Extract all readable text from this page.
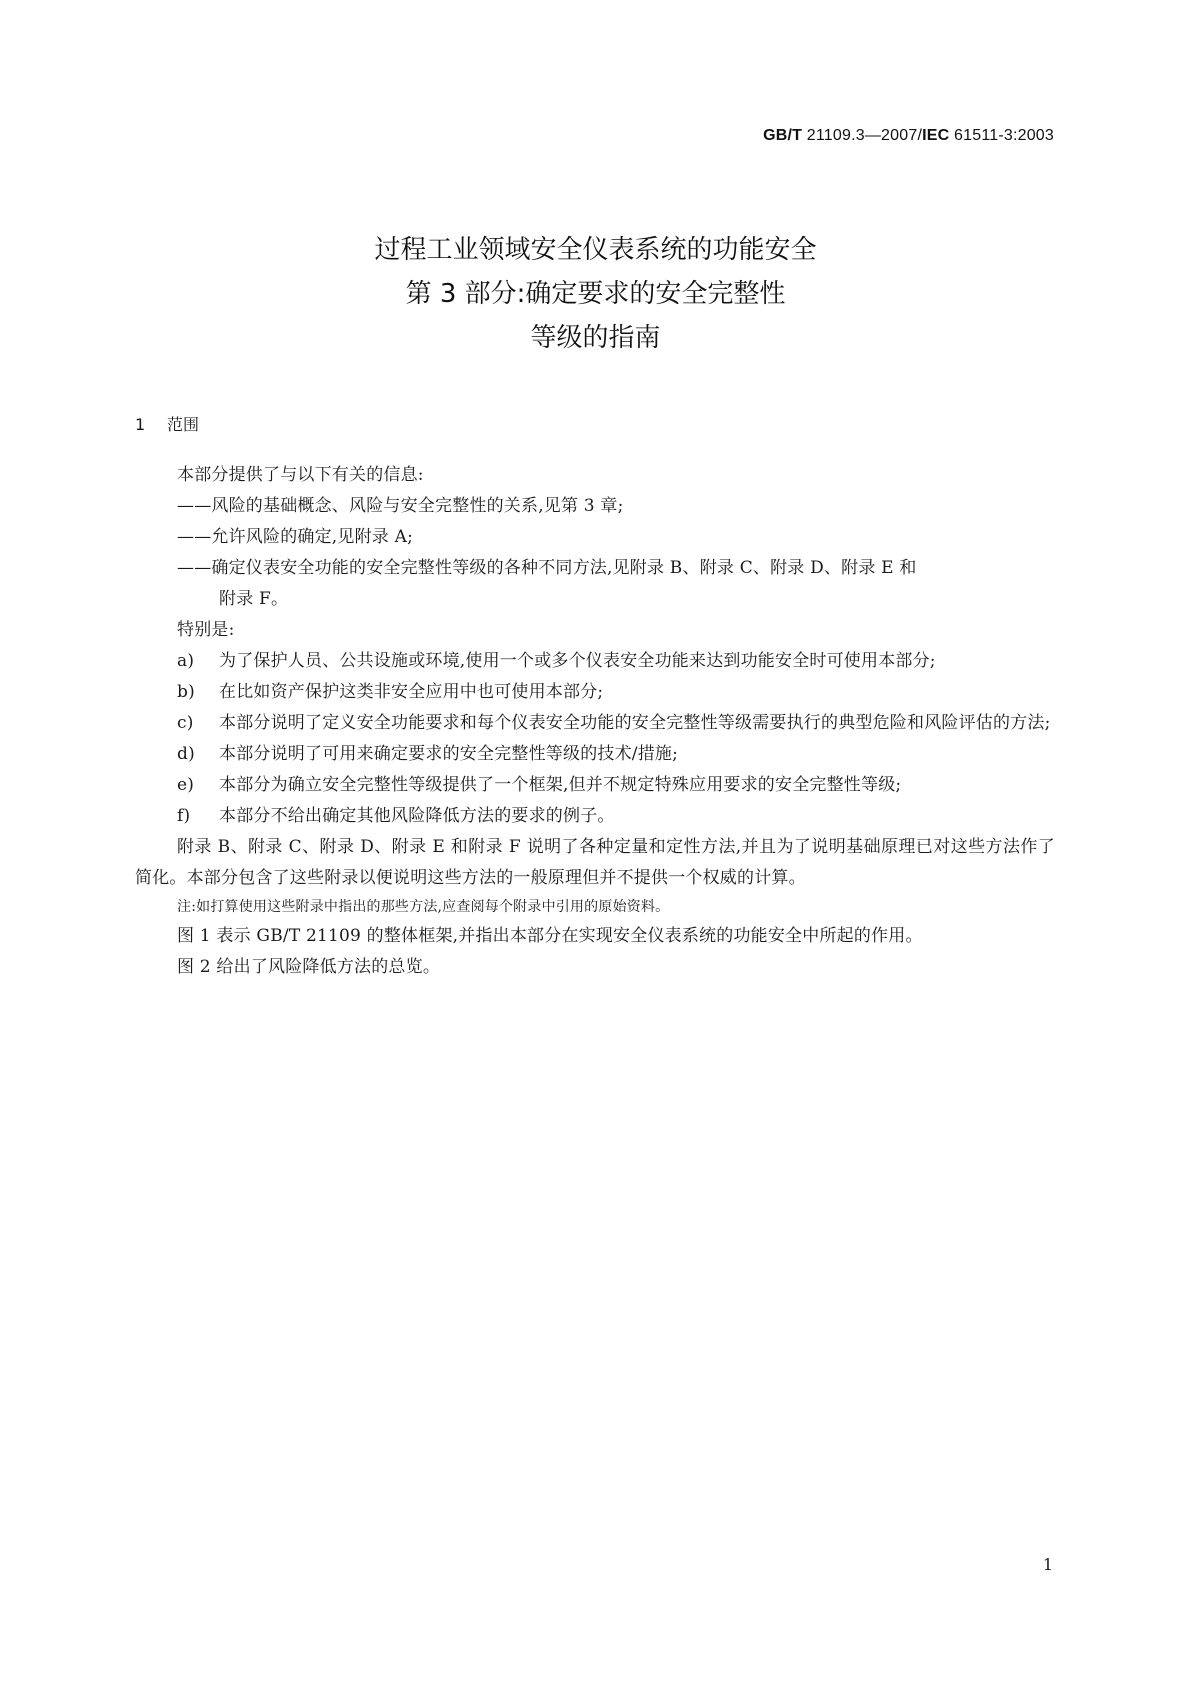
GB/T 21109.3—2007/IEC 61511-3:2003
过程工业领域安全仪表系统的功能安全
第 3 部分:确定要求的安全完整性
等级的指南
1 范围

本部分提供了与以下有关的信息:

——风险的基础概念、风险与安全完整性的关系,见第 3 章;

——允许风险的确定,见附录 A;

——确定仪表安全功能的安全完整性等级的各种不同方法,见附录 B、附录 C、附录 D、附录 E 和
附录 F。

特别是:

a) 为了保护人员、公共设施或环境,使用一个或多个仪表安全功能来达到功能安全时可使用本部分;

b) 在比如资产保护这类非安全应用中也可使用本部分;

c) 本部分说明了定义安全功能要求和每个仪表安全功能的安全完整性等级需要执行的典型危险和风险评估的方法;

d) 本部分说明了可用来确定要求的安全完整性等级的技术/措施;

e) 本部分为确立安全完整性等级提供了一个框架,但并不规定特殊应用要求的安全完整性等级;

f) 本部分不给出确定其他风险降低方法的要求的例子。

附录 B、附录 C、附录 D、附录 E 和附录 F 说明了各种定量和定性方法,并且为了说明基础原理已对这些方法作了简化。本部分包含了这些附录以便说明这些方法的一般原理但并不提供一个权威的计算。

注:如打算使用这些附录中指出的那些方法,应查阅每个附录中引用的原始资料。

图 1 表示 GB/T 21109 的整体框架,并指出本部分在实现安全仪表系统的功能安全中所起的作用。

图 2 给出了风险降低方法的总览。

1
